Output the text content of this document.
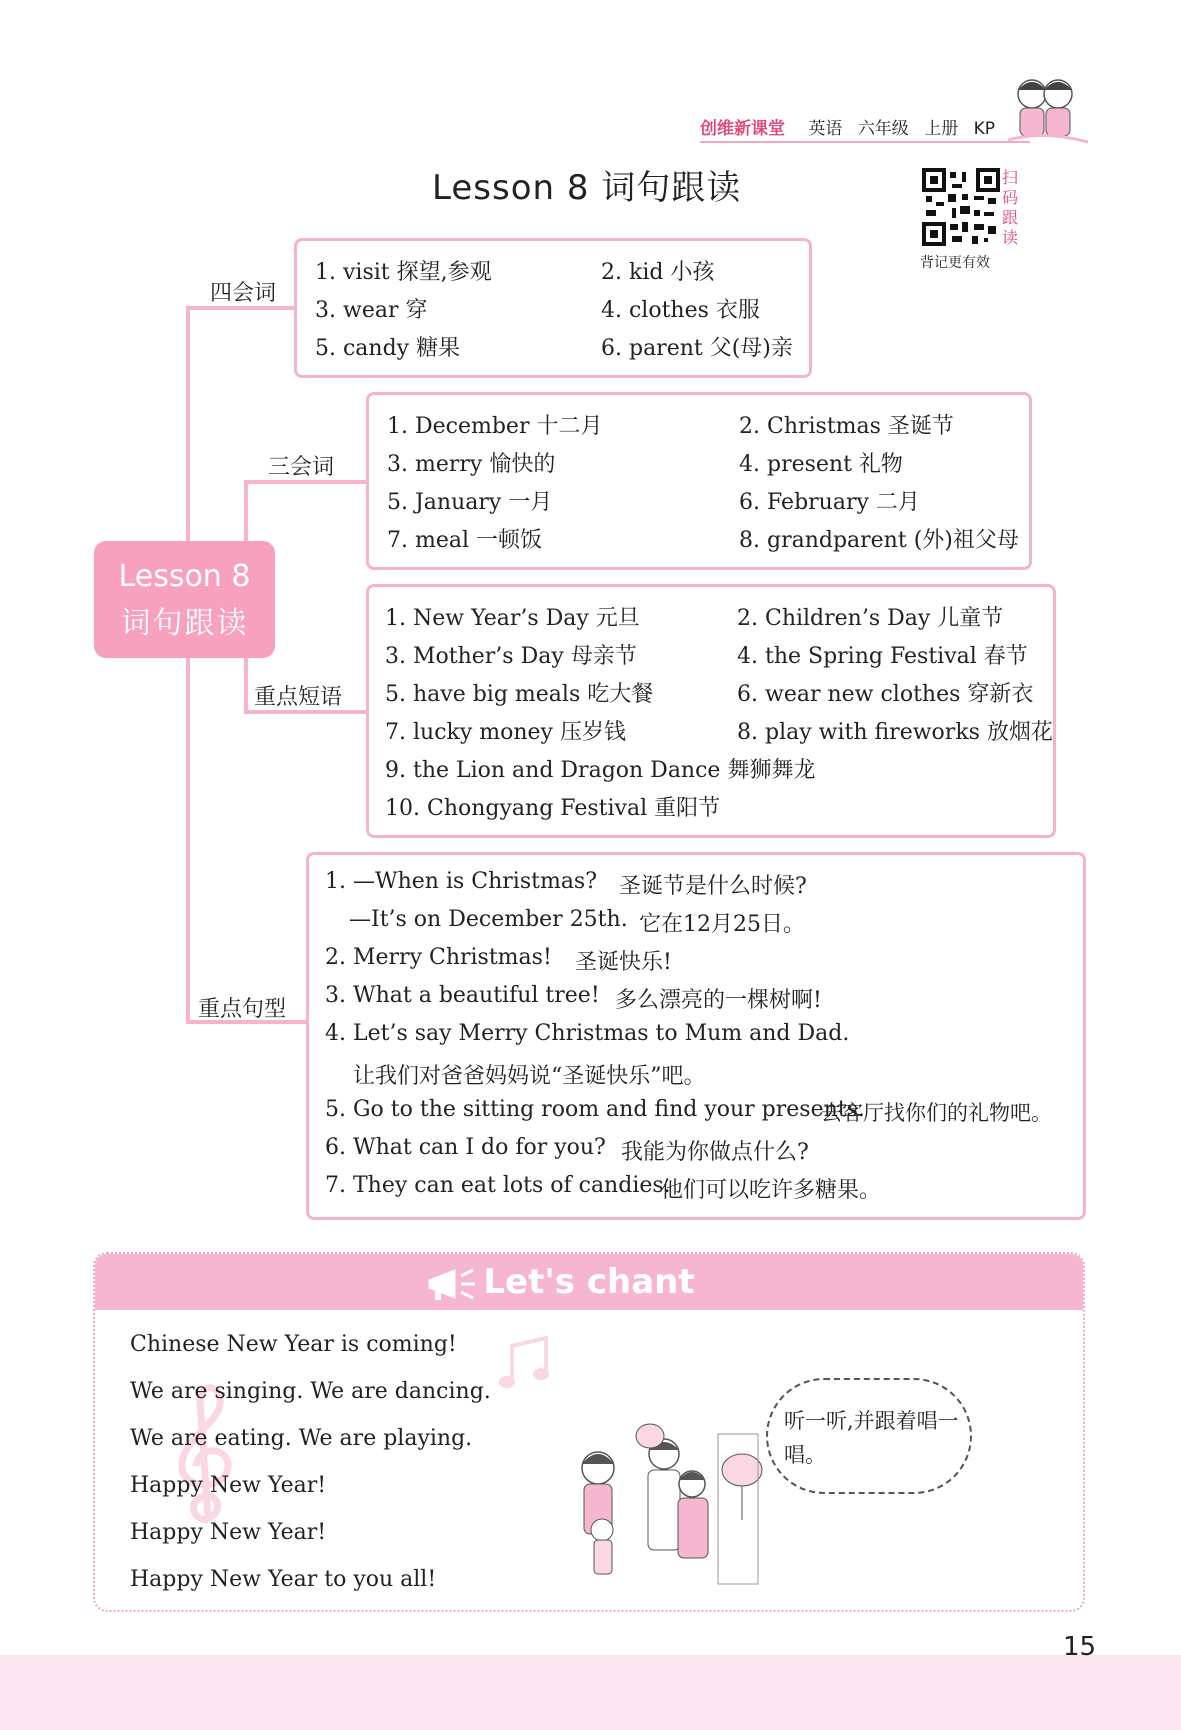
创维新课堂 英语 六年级 上册 KP
Lesson 8 词句跟读	扫码跟读
背记更有效
Lesson 8
词句跟读
四会词
1. visit 探望,参观	2. kid 小孩
3. wear 穿	4. clothes 衣服
5. candy 糖果	6. parent 父(母)亲
三会词
1. December 十二月	2. Christmas 圣诞节
3. merry 愉快的	4. present 礼物
5. January 一月	6. February 二月
7. meal 一顿饭	8. grandparent (外)祖父母
重点短语
1. New Year’s Day 元旦	2. Children’s Day 儿童节
3. Mother’s Day 母亲节	4. the Spring Festival 春节
5. have big meals 吃大餐	6. wear new clothes 穿新衣
7. lucky money 压岁钱	8. play with fireworks 放烟花
9. the Lion and Dragon Dance 舞狮舞龙
10. Chongyang Festival 重阳节
重点句型
1. —When is Christmas? 圣诞节是什么时候?
—It’s on December 25th. 它在12月25日。
2. Merry Christmas! 圣诞快乐!
3. What a beautiful tree! 多么漂亮的一棵树啊!
4. Let’s say Merry Christmas to Mum and Dad.
让我们对爸爸妈妈说“圣诞快乐”吧。
5. Go to the sitting room and find your presents.
去客厅找你们的礼物吧。
6. What can I do for you? 我能为你做点什么?
7. They can eat lots of candies.
他们可以吃许多糖果。
Let's chant
Chinese New Year is coming!
We are singing. We are dancing.
We are eating. We are playing.
Happy New Year!
Happy New Year!
Happy New Year to you all!
听一听,并跟着唱一唱。
15
